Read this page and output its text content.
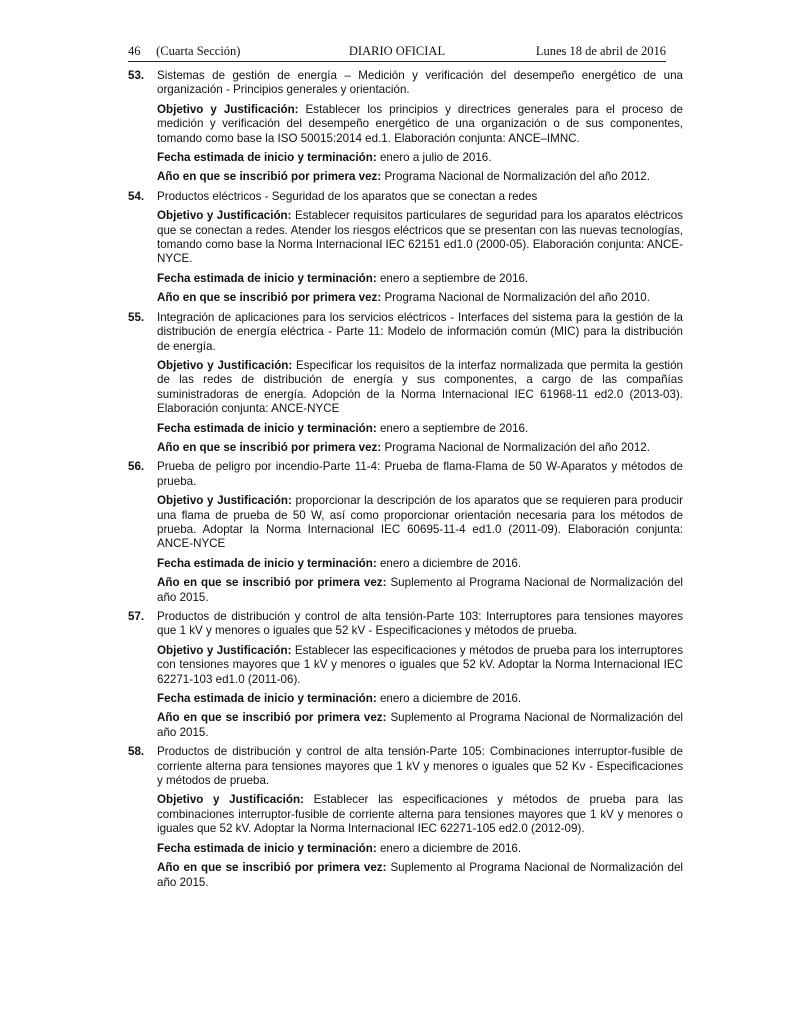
46     (Cuarta Sección)	DIARIO OFICIAL	Lunes 18 de abril de 2016
53. Sistemas de gestión de energía – Medición y verificación del desempeño energético de una organización - Principios generales y orientación.
Objetivo y Justificación: Establecer los principios y directrices generales para el proceso de medición y verificación del desempeño energético de una organización o de sus componentes, tomando como base la ISO 50015:2014 ed.1. Elaboración conjunta: ANCE–IMNC.
Fecha estimada de inicio y terminación: enero a julio de 2016.
Año en que se inscribió por primera vez: Programa Nacional de Normalización del año 2012.
54. Productos eléctricos - Seguridad de los aparatos que se conectan a redes
Objetivo y Justificación: Establecer requisitos particulares de seguridad para los aparatos eléctricos que se conectan a redes. Atender los riesgos eléctricos que se presentan con las nuevas tecnologías, tomando como base la Norma Internacional IEC 62151 ed1.0 (2000-05). Elaboración conjunta: ANCE-NYCE.
Fecha estimada de inicio y terminación: enero a septiembre de 2016.
Año en que se inscribió por primera vez: Programa Nacional de Normalización del año 2010.
55. Integración de aplicaciones para los servicios eléctricos - Interfaces del sistema para la gestión de la distribución de energía eléctrica - Parte 11: Modelo de información común (MIC) para la distribución de energía.
Objetivo y Justificación: Especificar los requisitos de la interfaz normalizada que permita la gestión de las redes de distribución de energía y sus componentes, a cargo de las compañías suministradoras de energía. Adopción de la Norma Internacional IEC 61968-11 ed2.0 (2013-03). Elaboración conjunta: ANCE-NYCE
Fecha estimada de inicio y terminación: enero a septiembre de 2016.
Año en que se inscribió por primera vez: Programa Nacional de Normalización del año 2012.
56. Prueba de peligro por incendio-Parte 11-4: Prueba de flama-Flama de 50 W-Aparatos y métodos de prueba.
Objetivo y Justificación: proporcionar la descripción de los aparatos que se requieren para producir una flama de prueba de 50 W, así como proporcionar orientación necesaria para los métodos de prueba. Adoptar la Norma Internacional IEC 60695-11-4 ed1.0 (2011-09). Elaboración conjunta: ANCE-NYCE
Fecha estimada de inicio y terminación: enero a diciembre de 2016.
Año en que se inscribió por primera vez: Suplemento al Programa Nacional de Normalización del año 2015.
57. Productos de distribución y control de alta tensión-Parte 103: Interruptores para tensiones mayores que 1 kV y menores o iguales que 52 kV - Especificaciones y métodos de prueba.
Objetivo y Justificación: Establecer las especificaciones y métodos de prueba para los interruptores con tensiones mayores que 1 kV y menores o iguales que 52 kV. Adoptar la Norma Internacional IEC 62271-103 ed1.0 (2011-06).
Fecha estimada de inicio y terminación: enero a diciembre de 2016.
Año en que se inscribió por primera vez: Suplemento al Programa Nacional de Normalización del año 2015.
58. Productos de distribución y control de alta tensión-Parte 105: Combinaciones interruptor-fusible de corriente alterna para tensiones mayores que 1 kV y menores o iguales que 52 Kv - Especificaciones y métodos de prueba.
Objetivo y Justificación: Establecer las especificaciones y métodos de prueba para las combinaciones interruptor-fusible de corriente alterna para tensiones mayores que 1 kV y menores o iguales que 52 kV. Adoptar la Norma Internacional IEC 62271-105 ed2.0 (2012-09).
Fecha estimada de inicio y terminación: enero a diciembre de 2016.
Año en que se inscribió por primera vez: Suplemento al Programa Nacional de Normalización del año 2015.
